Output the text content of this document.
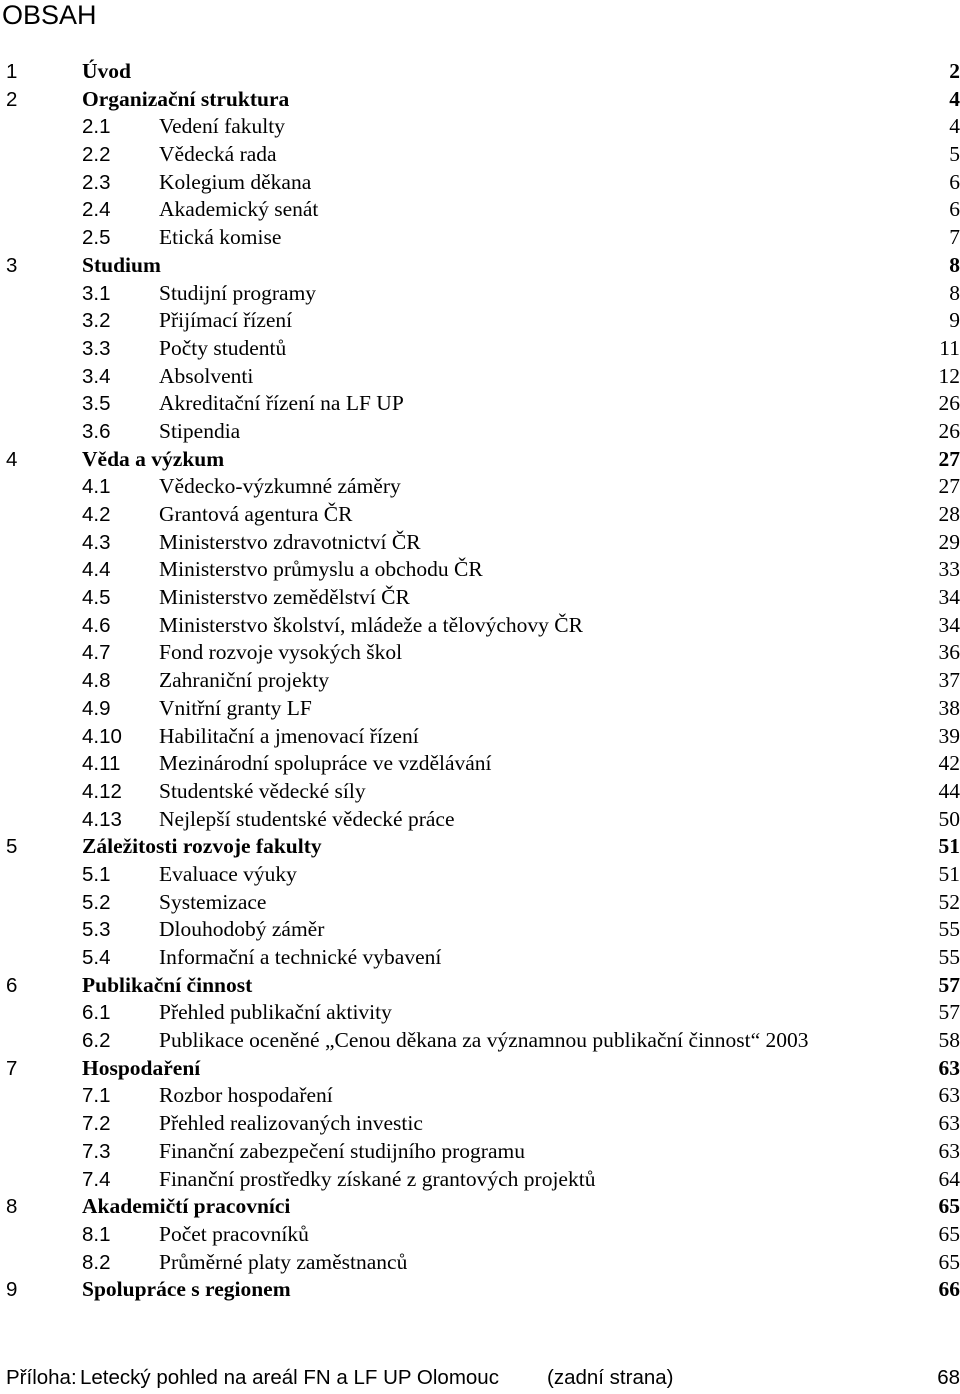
OBSAH
1	Úvod	2
2	Organizační struktura	4
2.1 Vedení fakulty	4
2.2 Vědecká rada	5
2.3 Kolegium děkana	6
2.4 Akademický senát	6
2.5 Etická komise	7
3	Studium	8
3.1 Studijní programy	8
3.2 Přijímací řízení	9
3.3 Počty studentů	11
3.4 Absolventi	12
3.5 Akreditační řízení na LF UP	26
3.6 Stipendia	26
4	Věda a výzkum	27
4.1 Vědecko-výzkumné záměry	27
4.2 Grantová agentura ČR	28
4.3 Ministerstvo zdravotnictví ČR	29
4.4 Ministerstvo průmyslu a obchodu ČR	33
4.5 Ministerstvo zemědělství ČR	34
4.6 Ministerstvo školství, mládeže a tělovýchovy ČR	34
4.7 Fond rozvoje vysokých škol	36
4.8 Zahraniční projekty	37
4.9 Vnitřní granty LF	38
4.10 Habilitační a jmenovací řízení	39
4.11 Mezinárodní spolupráce ve vzdělávání	42
4.12 Studentské vědecké síly	44
4.13 Nejlepší studentské vědecké práce	50
5	Záležitosti rozvoje fakulty	51
5.1 Evaluace výuky	51
5.2 Systemizace	52
5.3 Dlouhodobý záměr	55
5.4 Informační a technické vybavení	55
6	Publikační činnost	57
6.1 Přehled publikační aktivity	57
6.2 Publikace oceněné „Cenou děkana za významnou publikační činnost“ 2003	58
7	Hospodaření	63
7.1 Rozbor hospodaření	63
7.2 Přehled realizovaných investic	63
7.3 Finanční zabezpečení studijního programu	63
7.4 Finanční prostředky získané z grantových projektů	64
8	Akademičtí pracovníci	65
8.1 Počet pracovníků	65
8.2 Průměrné platy zaměstnanců	65
9	Spolupráce s regionem	66
Příloha: Letecký pohled na areál FN a LF UP Olomouc (zadní strana)	68
